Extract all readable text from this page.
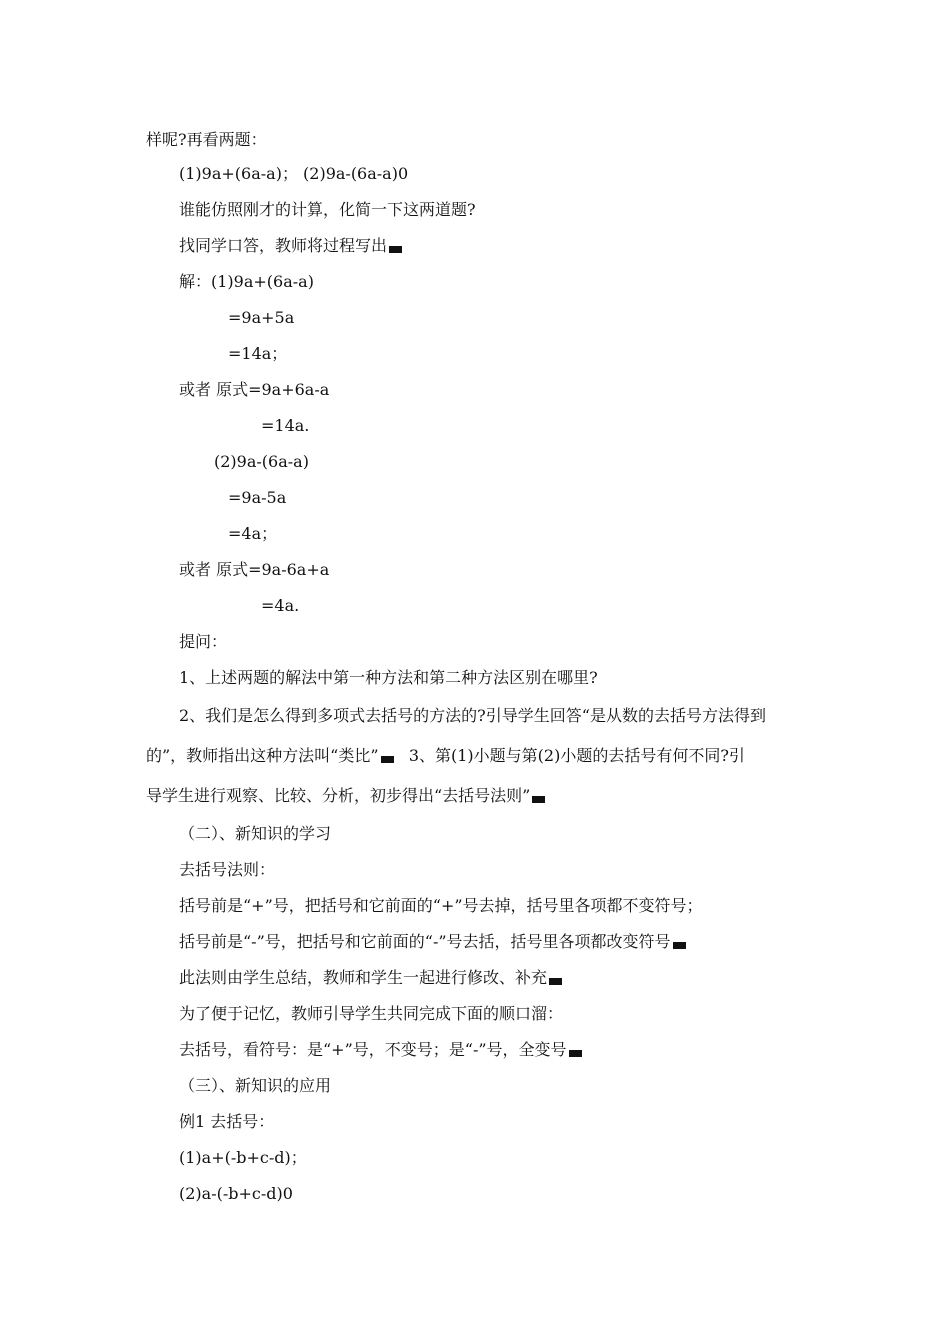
样呢?再看两题：
(1)9a+(6a-a)； (2)9a-(6a-a)0
谁能仿照刚才的计算，化简一下这两道题?
找同学口答，教师将过程写出
解：(1)9a+(6a-a)
=9a+5a
=14a；
或者 原式=9a+6a-a
=14a.
(2)9a-(6a-a)
=9a-5a
=4a；
或者 原式=9a-6a+a
=4a.
提问：
1、上述两题的解法中第一种方法和第二种方法区别在哪里?
2、我们是怎么得到多项式去括号的方法的?引导学生回答“是从数的去括号方法得到
的”，教师指出这种方法叫“类比” 3、第(1)小题与第(2)小题的去括号有何不同?引
导学生进行观察、比较、分析，初步得出“去括号法则”
（二）、新知识的学习
去括号法则：
括号前是“+”号，把括号和它前面的“+”号去掉，括号里各项都不变符号；
括号前是“-”号，把括号和它前面的“-”号去括，括号里各项都改变符号
此法则由学生总结，教师和学生一起进行修改、补充
为了便于记忆，教师引导学生共同完成下面的顺口溜：
去括号，看符号：是“+”号，不变号；是“-”号，全变号
（三）、新知识的应用
例1 去括号：
(1)a+(-b+c-d)；
(2)a-(-b+c-d)0
